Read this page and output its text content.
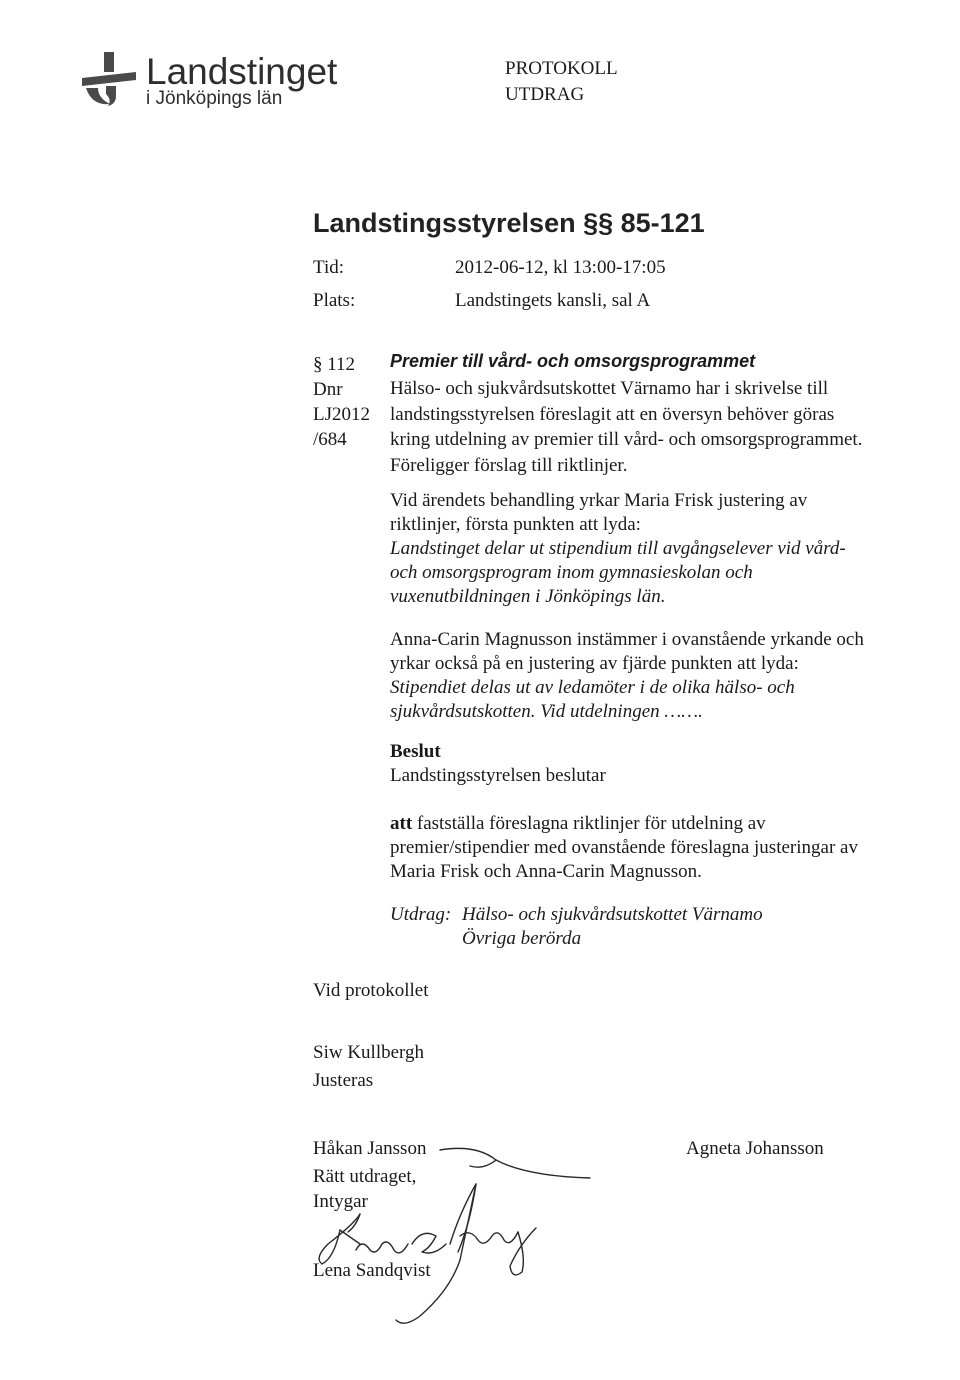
Landstinget
i Jönköpings län
PROTOKOLL
UTDRAG
Landstingsstyrelsen §§ 85-121
Tid:	2012-06-12, kl 13:00-17:05
Plats:	Landstingets kansli, sal A
§ 112
Dnr
LJ2012
/684
Premier till vård- och omsorgsprogrammet
Hälso- och sjukvårdsutskottet Värnamo har i skrivelse till
landstingsstyrelsen föreslagit att en översyn behöver göras
kring utdelning av premier till vård- och omsorgsprogrammet.
Föreligger förslag till riktlinjer.
Vid ärendets behandling yrkar Maria Frisk justering av
riktlinjer, första punkten att lyda:
Landstinget delar ut stipendium till avgångselever vid vård-
och omsorgsprogram inom gymnasieskolan och
vuxenutbildningen i Jönköpings län.
Anna-Carin Magnusson instämmer i ovanstående yrkande och
yrkar också på en justering av fjärde punkten att lyda:
Stipendiet delas ut av ledamöter i de olika hälso- och
sjukvårdsutskotten. Vid utdelningen …….
Beslut
Landstingsstyrelsen beslutar
att fastställa föreslagna riktlinjer för utdelning av
premier/stipendier med ovanstående föreslagna justeringar av
Maria Frisk och Anna-Carin Magnusson.
Utdrag: Hälso- och sjukvårdsutskottet Värnamo
Övriga berörda
Vid protokollet
Siw Kullbergh
Justeras
Håkan Jansson	Agneta Johansson
Rätt utdraget,
Intygar
Lena Sandqvist
